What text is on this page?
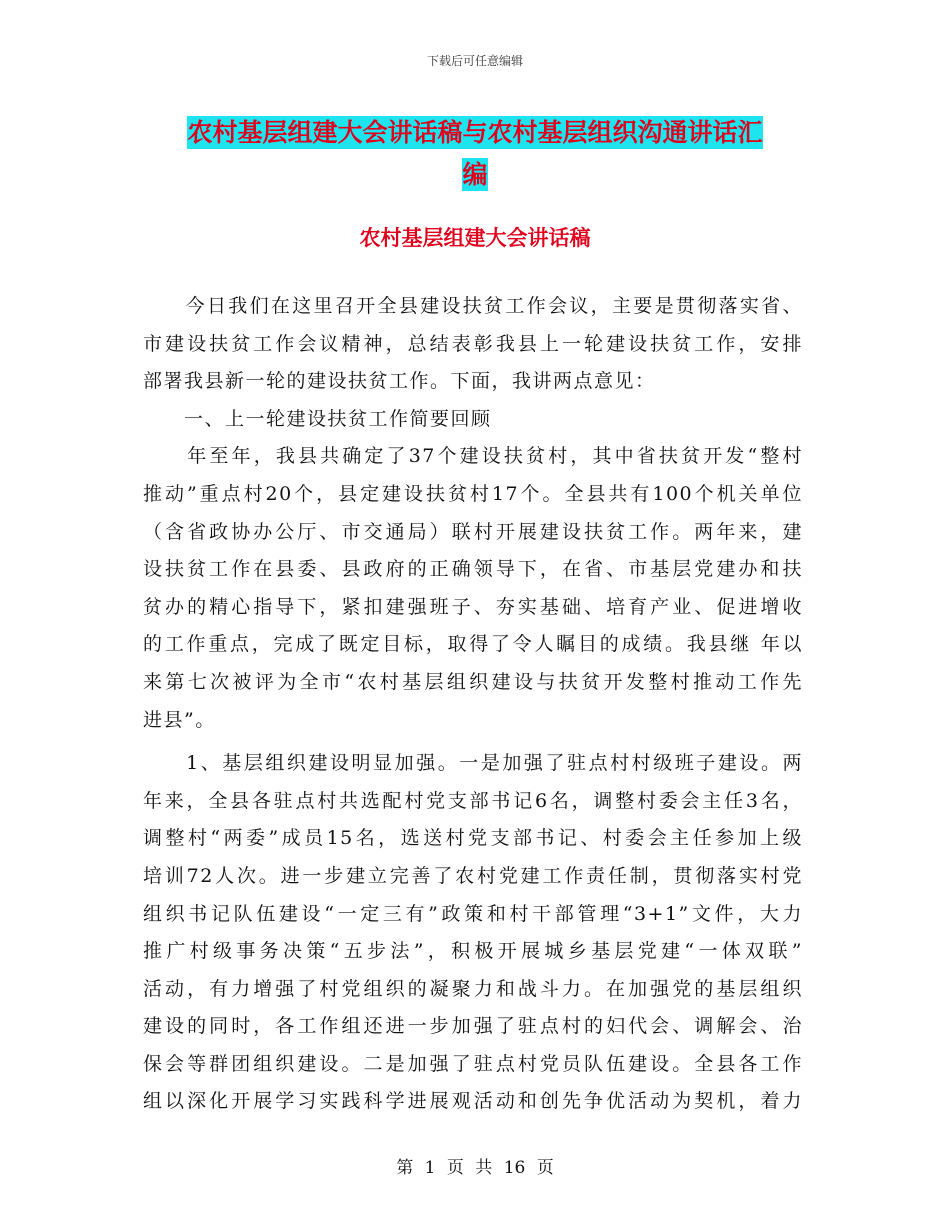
下载后可任意编辑
农村基层组建大会讲话稿与农村基层组织沟通讲话汇
编
农村基层组建大会讲话稿
　　今日我们在这里召开全县建设扶贫工作会议，主要是贯彻落实省、
市建设扶贫工作会议精神，总结表彰我县上一轮建设扶贫工作，安排
部署我县新一轮的建设扶贫工作。下面，我讲两点意见：
　　一、上一轮建设扶贫工作简要回顾
　　年至年，我县共确定了37个建设扶贫村，其中省扶贫开发“整村
推动”重点村20个，县定建设扶贫村17个。全县共有100个机关单位
（含省政协办公厅、市交通局）联村开展建设扶贫工作。两年来，建
设扶贫工作在县委、县政府的正确领导下，在省、市基层党建办和扶
贫办的精心指导下，紧扣建强班子、夯实基础、培育产业、促进增收
的工作重点，完成了既定目标，取得了令人瞩目的成绩。我县继 年以
来第七次被评为全市“农村基层组织建设与扶贫开发整村推动工作先
进县”。
　　1、基层组织建设明显加强。一是加强了驻点村村级班子建设。两
年来，全县各驻点村共选配村党支部书记6名，调整村委会主任3名，
调整村“两委”成员15名，选送村党支部书记、村委会主任参加上级
培训72人次。进一步建立完善了农村党建工作责任制，贯彻落实村党
组织书记队伍建设“一定三有”政策和村干部管理“3+1”文件，大力
推广村级事务决策“五步法”，积极开展城乡基层党建“一体双联”
活动，有力增强了村党组织的凝聚力和战斗力。在加强党的基层组织
建设的同时，各工作组还进一步加强了驻点村的妇代会、调解会、治
保会等群团组织建设。二是加强了驻点村党员队伍建设。全县各工作
组以深化开展学习实践科学进展观活动和创先争优活动为契机，着力
第 1 页 共 16 页
